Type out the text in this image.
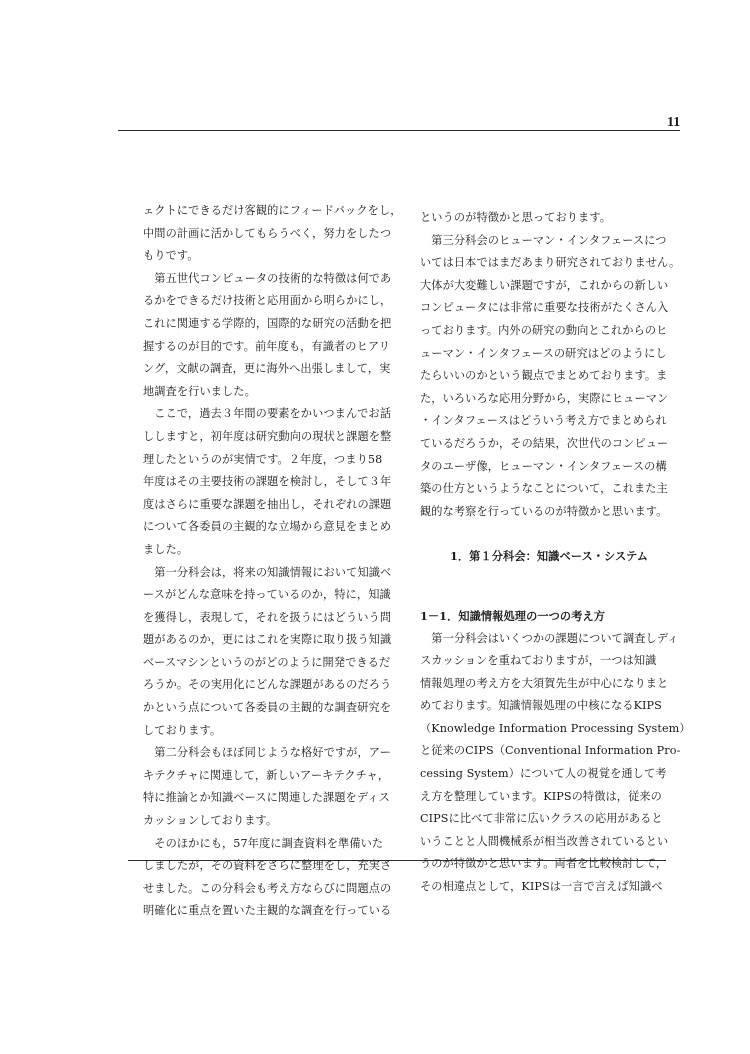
11
ェクトにできるだけ客観的にフィードバックをし，
中間の計画に活かしてもらうべく，努力をしたつ
もりです。
　第五世代コンピュータの技術的な特徴は何であ
るかをできるだけ技術と応用面から明らかにし，
これに関連する学際的，国際的な研究の活動を把
握するのが目的です。前年度も，有識者のヒアリ
ング，文献の調査，更に海外へ出張しまして，実
地調査を行いました。
　ここで，過去３年間の要素をかいつまんでお話
ししますと，初年度は研究動向の現状と課題を整
理したというのが実情です。２年度，つまり58
年度はその主要技術の課題を検討し，そして３年
度はさらに重要な課題を抽出し，それぞれの課題
について各委員の主観的な立場から意見をまとめ
ました。
　第一分科会は，将来の知識情報において知識ベ
ースがどんな意味を持っているのか，特に，知識
を獲得し，表現して，それを扱うにはどういう問
題があるのか，更にはこれを実際に取り扱う知識
ベースマシンというのがどのように開発できるだ
ろうか。その実用化にどんな課題があるのだろう
かという点について各委員の主観的な調査研究を
しております。
　第二分科会もほぼ同じような格好ですが，アー
キテクチャに関連して，新しいアーキテクチャ，
特に推論とか知識ベースに関連した課題をディス
カッションしております。
　そのほかにも，57年度に調査資料を準備いた
しましたが，その資料をさらに整理をし，充実さ
せました。この分科会も考え方ならびに問題点の
明確化に重点を置いた主観的な調査を行っている
というのが特徴かと思っております。
　第三分科会のヒューマン・インタフェースにつ
いては日本ではまだあまり研究されておりません。
大体が大変難しい課題ですが，これからの新しい
コンピュータには非常に重要な技術がたくさん入
っております。内外の研究の動向とこれからのヒ
ューマン・インタフェースの研究はどのようにし
たらいいのかという観点でまとめております。ま
た，いろいろな応用分野から，実際にヒューマン
・インタフェースはどういう考え方でまとめられ
ているだろうか，その結果，次世代のコンピュー
タのユーザ像，ヒューマン・インタフェースの構
築の仕方というようなことについて，これまた主
観的な考察を行っているのが特徴かと思います。
1．第１分科会：知識ベース・システム
1－1．知識情報処理の一つの考え方
　第一分科会はいくつかの課題について調査しディ
スカッションを重ねておりますが，一つは知識
情報処理の考え方を大須賀先生が中心になりまと
めております。知識情報処理の中核になるKIPS
（Knowledge Information Processing System）
と従来のCIPS（Conventional Information Pro-
cessing System）について人の視覚を通して考
え方を整理しています。KIPSの特徴は，従来の
CIPSに比べて非常に広いクラスの応用があると
いうことと人間機械系が相当改善されているとい
うのが特徴かと思います。両者を比較検討して，
その相違点として，KIPSは一言で言えば知識べ
